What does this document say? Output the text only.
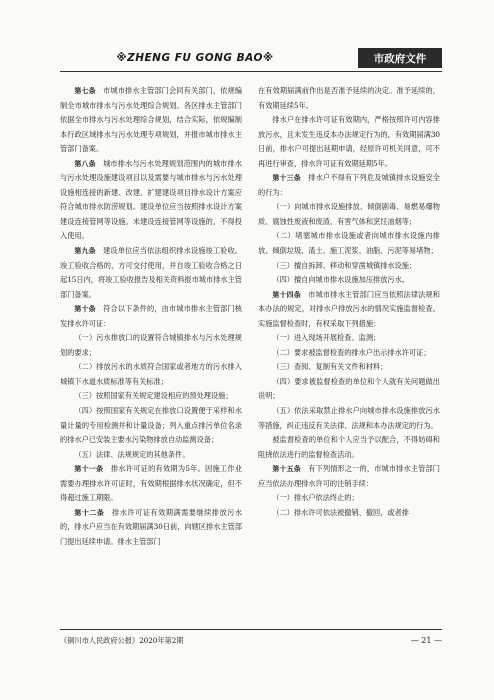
※ZHENG FU GONG BAO※	市政府文件

第七条　市城市排水主管部门会同有关部门，依规编制全市城市排水与污水处理综合规划。各区排水主管部门依据全市排水与污水处理综合规划，结合实际，依规编制本行政区域排水与污水处理专项规划，并报市城市排水主管部门备案。

第八条　城市排水与污水处理规划范围内的城市排水与污水处理设施建设项目以及需要与城市排水与污水处理设施相连接的新建、改建、扩建建设项目排水设计方案应符合城市排水防涝规划。建设单位应当按照排水设计方案建设连接管网等设施。未建设连接管网等设施的，不得投入使用。

第九条　建设单位应当依法组织排水设施竣工验收。竣工验收合格的，方可交付使用，并自竣工验收合格之日起15日内，将竣工验收报告及相关资料报市城市排水主管部门备案。

第十条　符合以下条件的，由市城市排水主管部门核发排水许可证：

（一）污水排放口的设置符合城镇排水与污水处理规划的要求；

（二）排放污水的水质符合国家或者地方的污水排入城镇下水道水质标准等有关标准；

（三）按照国家有关规定建设相应的预处理设施；

（四）按照国家有关规定在排放口设置便于采样和水量计量的专用检测井和计量设备；列入重点排污单位名录的排水户已安装主要水污染物排放自动监测设备；

（五）法律、法规规定的其他条件。

第十一条　排水许可证的有效期为5年。因施工作业需要办理排水许可证时，有效期根据排水状况确定，但不得超过施工期限。

第十二条　排水许可证有效期满需要继续排放污水的，排水户应当在有效期届满30日前，向辖区排水主管部门提出延续申请。排水主管部门

在有效期届满前作出是否准予延续的决定。准予延续的，有效期延续5年。

排水户在排水许可证有效期内，严格按照许可内容排放污水，且未发生违反本办法规定行为的，有效期届满30日前，排水户可提出延期申请，经原许可机关同意，可不再进行审查，排水许可证有效期延期5年。

第十三条　排水户不得有下列危及城镇排水设施安全的行为：

（一）向城市排水设施排放、倾倒剧毒、易燃易爆物质、腐蚀性废液和废渣、有害气体和烹饪油烟等；

（二）堵塞城市排水设施或者向城市排水设施内排放、倾倒垃圾、渣土、施工泥浆、油脂、污泥等易堵物；

（三）擅自拆卸、移动和穿凿城镇排水设施；

（四）擅自向城市排水设施加压排放污水。

第十四条　市城市排水主管部门应当依照法律法规和本办法的规定，对排水户排放污水的情况实施监督检查。实施监督检查时，有权采取下列措施：

（一）进入现场开展检查、监测；

（二）要求被监督检查的排水户出示排水许可证；

（三）查阅、复制有关文件和材料；

（四）要求被监督检查的单位和个人就有关问题做出说明；

（五）依法采取禁止排水户向城市排水设施排放污水等措施，纠正违反有关法律、法规和本办法规定的行为。

被监督检查的单位和个人应当予以配合，不得妨碍和阻挠依法进行的监督检查活动。

第十五条　有下列情形之一的，市城市排水主管部门应当依法办理排水许可的注销手续：

（一）排水户依法终止的；

（二）排水许可依法被撤销、撤回，或者排

《铜川市人民政府公报》2020年第2期	— 21 —
